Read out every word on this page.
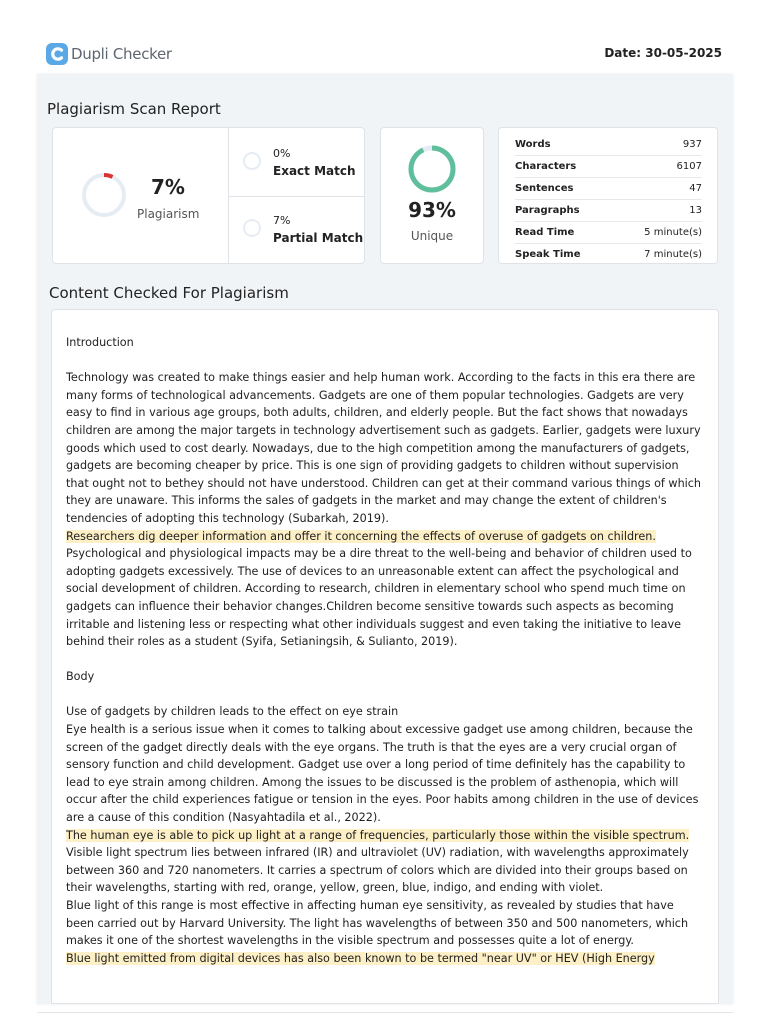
Dupli Checker	Date: 30-05-2025
Plagiarism Scan Report
7%
Plagiarism
0%
Exact Match
7%
Partial Match
93%
Unique
Words	937
Characters	6107
Sentences	47
Paragraphs	13
Read Time	5 minute(s)
Speak Time	7 minute(s)
Content Checked For Plagiarism

Introduction

Technology was created to make things easier and help human work. According to the facts in this era there are many forms of technological advancements. Gadgets are one of them popular technologies. Gadgets are very easy to find in various age groups, both adults, children, and elderly people. But the fact shows that nowadays children are among the major targets in technology advertisement such as gadgets. Earlier, gadgets were luxury goods which used to cost dearly. Nowadays, due to the high competition among the manufacturers of gadgets, gadgets are becoming cheaper by price. This is one sign of providing gadgets to children without supervision that ought not to bethey should not have understood. Children can get at their command various things of which they are unaware. This informs the sales of gadgets in the market and may change the extent of children's tendencies of adopting this technology (Subarkah, 2019).

Researchers dig deeper information and offer it concerning the effects of overuse of gadgets on children.

Psychological and physiological impacts may be a dire threat to the well-being and behavior of children used to adopting gadgets excessively. The use of devices to an unreasonable extent can affect the psychological and social development of children. According to research, children in elementary school who spend much time on gadgets can influence their behavior changes.Children become sensitive towards such aspects as becoming irritable and listening less or respecting what other individuals suggest and even taking the initiative to leave behind their roles as a student (Syifa, Setianingsih, & Sulianto, 2019).

Body

Use of gadgets by children leads to the effect on eye strain

Eye health is a serious issue when it comes to talking about excessive gadget use among children, because the screen of the gadget directly deals with the eye organs. The truth is that the eyes are a very crucial organ of sensory function and child development. Gadget use over a long period of time definitely has the capability to lead to eye strain among children. Among the issues to be discussed is the problem of asthenopia, which will occur after the child experiences fatigue or tension in the eyes. Poor habits among children in the use of devices are a cause of this condition (Nasyahtadila et al., 2022).

The human eye is able to pick up light at a range of frequencies, particularly those within the visible spectrum. Visible light spectrum lies between infrared (IR) and ultraviolet (UV) radiation, with wavelengths approximately between 360 and 720 nanometers. It carries a spectrum of colors which are divided into their groups based on their wavelengths, starting with red, orange, yellow, green, blue, indigo, and ending with violet.

Blue light of this range is most effective in affecting human eye sensitivity, as revealed by studies that have been carried out by Harvard University. The light has wavelengths of between 350 and 500 nanometers, which makes it one of the shortest wavelengths in the visible spectrum and possesses quite a lot of energy.

Blue light emitted from digital devices has also been known to be termed "near UV" or HEV (High Energy
